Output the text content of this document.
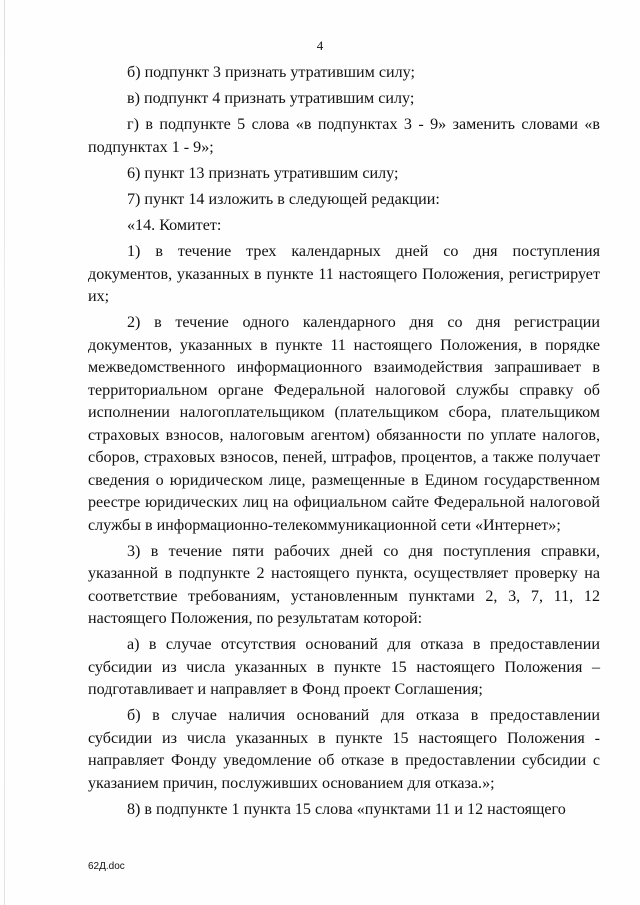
4

б) подпункт 3 признать утратившим силу;

в) подпункт 4 признать утратившим силу;

г) в подпункте 5 слова «в подпунктах 3 - 9» заменить словами «в подпунктах 1 - 9»;

6) пункт 13 признать утратившим силу;

7) пункт 14 изложить в следующей редакции:

«14. Комитет:

1) в течение трех календарных дней со дня поступления документов, указанных в пункте 11 настоящего Положения, регистрирует их;

2) в течение одного календарного дня со дня регистрации документов, указанных в пункте 11 настоящего Положения, в порядке межведомственного информационного взаимодействия запрашивает в территориальном органе Федеральной налоговой службы справку об исполнении налогоплательщиком (плательщиком сбора, плательщиком страховых взносов, налоговым агентом) обязанности по уплате налогов, сборов, страховых взносов, пеней, штрафов, процентов, а также получает сведения о юридическом лице, размещенные в Едином государственном реестре юридических лиц на официальном сайте Федеральной налоговой службы в информационно-телекоммуникационной сети «Интернет»;

3) в течение пяти рабочих дней со дня поступления справки, указанной в подпункте 2 настоящего пункта, осуществляет проверку на соответствие требованиям, установленным пунктами 2, 3, 7, 11, 12 настоящего Положения, по результатам которой:

а) в случае отсутствия оснований для отказа в предоставлении субсидии из числа указанных в пункте 15 настоящего Положения – подготавливает и направляет в Фонд проект Соглашения;

б) в случае наличия оснований для отказа в предоставлении субсидии из числа указанных в пункте 15 настоящего Положения - направляет Фонду уведомление об отказе в предоставлении субсидии с указанием причин, послуживших основанием для отказа.»;

8) в подпункте 1 пункта 15 слова «пунктами 11 и 12 настоящего

62Д.doc
